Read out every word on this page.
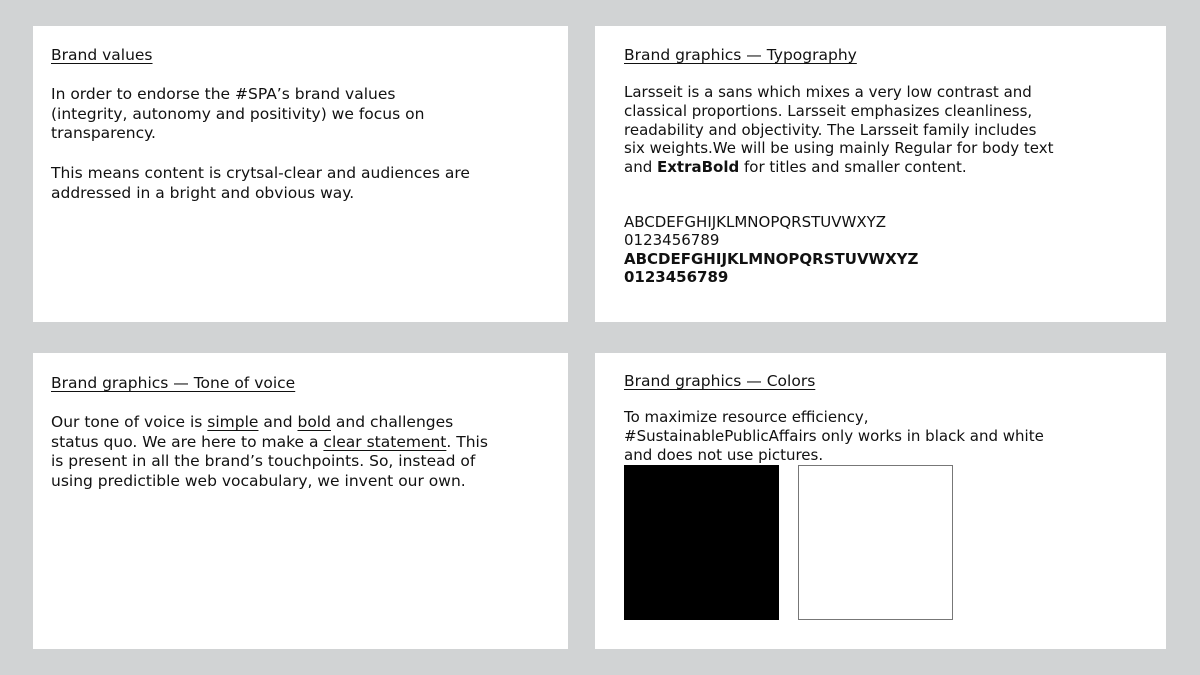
Brand values

In order to endorse the #SPA’s brand values (integrity, autonomy and positivity) we focus on transparency.

This means content is crytsal-clear and audiences are addressed in a bright and obvious way.

Brand graphics — Typography

Larsseit is a sans which mixes a very low contrast and classical proportions. Larsseit emphasizes cleanliness, readability and objectivity. The Larsseit family includes six weights.We will be using mainly Regular for body text and ExtraBold for titles and smaller content.

ABCDEFGHIJKLMNOPQRSTUVWXYZ
0123456789
ABCDEFGHIJKLMNOPQRSTUVWXYZ
0123456789
Brand graphics — Tone of voice

Our tone of voice is simple and bold and challenges status quo. We are here to make a clear statement. This is present in all the brand’s touchpoints. So, instead of using predictible web vocabulary, we invent our own.

Brand graphics — Colors

To maximize resource efficiency, #SustainablePublicAffairs only works in black and white and does not use pictures.
